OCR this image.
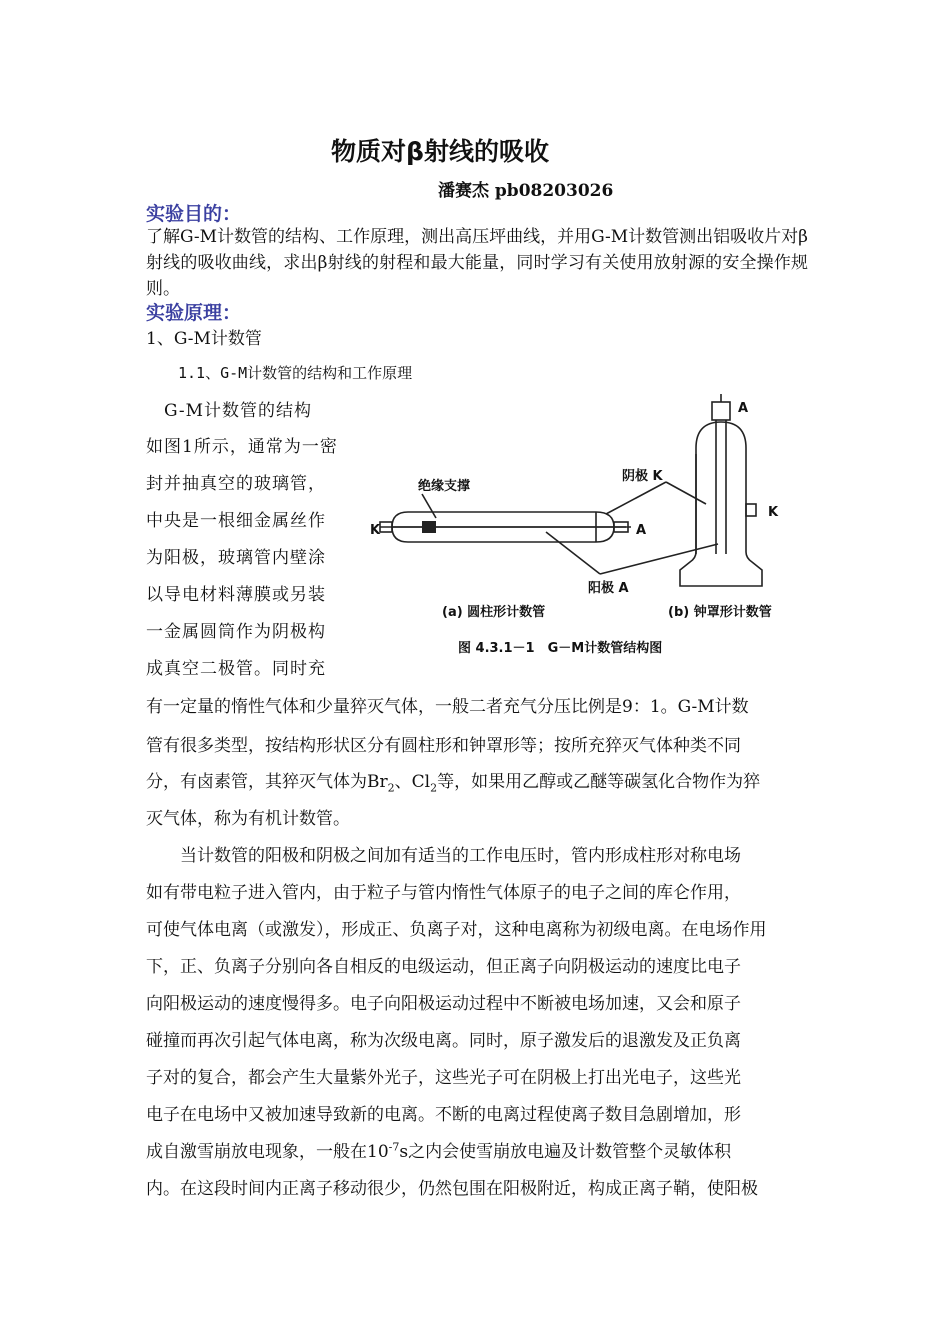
物质对β射线的吸收
潘赛杰 pb08203026
实验目的：
了解G-M计数管的结构、工作原理，测出高压坪曲线，并用G-M计数管测出铝吸收片对β射线的吸收曲线，求出β射线的射程和最大能量，同时学习有关使用放射源的安全操作规则。
实验原理：
1、G-M计数管
1.1、G-M计数管的结构和工作原理
　G-M计数管的结构
如图1所示，通常为一密
封并抽真空的玻璃管，
中央是一根细金属丝作
为阳极，玻璃管内壁涂
以导电材料薄膜或另装
一金属圆筒作为阴极构
成真空二极管。同时充
绝缘支撑
阴极 K
阳极 A
K	A
A
K
(a) 圆柱形计数管	(b) 钟罩形计数管
图 4.3.1－1　G－M计数管结构图
有一定量的惰性气体和少量猝灭气体，一般二者充气分压比例是9：1。G-M计数
管有很多类型，按结构形状区分有圆柱形和钟罩形等；按所充猝灭气体种类不同
分，有卤素管，其猝灭气体为$Br_2$、$Cl_2$等，如果用乙醇或乙醚等碳氢化合物作为猝
灭气体，称为有机计数管。
　　当计数管的阳极和阴极之间加有适当的工作电压时，管内形成柱形对称电场
如有带电粒子进入管内，由于粒子与管内惰性气体原子的电子之间的库仑作用，
可使气体电离（或激发），形成正、负离子对，这种电离称为初级电离。在电场作用
下，正、负离子分别向各自相反的电级运动，但正离子向阴极运动的速度比电子
向阳极运动的速度慢得多。电子向阳极运动过程中不断被电场加速，又会和原子
碰撞而再次引起气体电离，称为次级电离。同时，原子激发后的退激发及正负离
子对的复合，都会产生大量紫外光子，这些光子可在阴极上打出光电子，这些光
电子在电场中又被加速导致新的电离。不断的电离过程使离子数目急剧增加，形
成自激雪崩放电现象，一般在$10^{-7}s$之内会使雪崩放电遍及计数管整个灵敏体积
内。在这段时间内正离子移动很少，仍然包围在阳极附近，构成正离子鞘，使阳极
